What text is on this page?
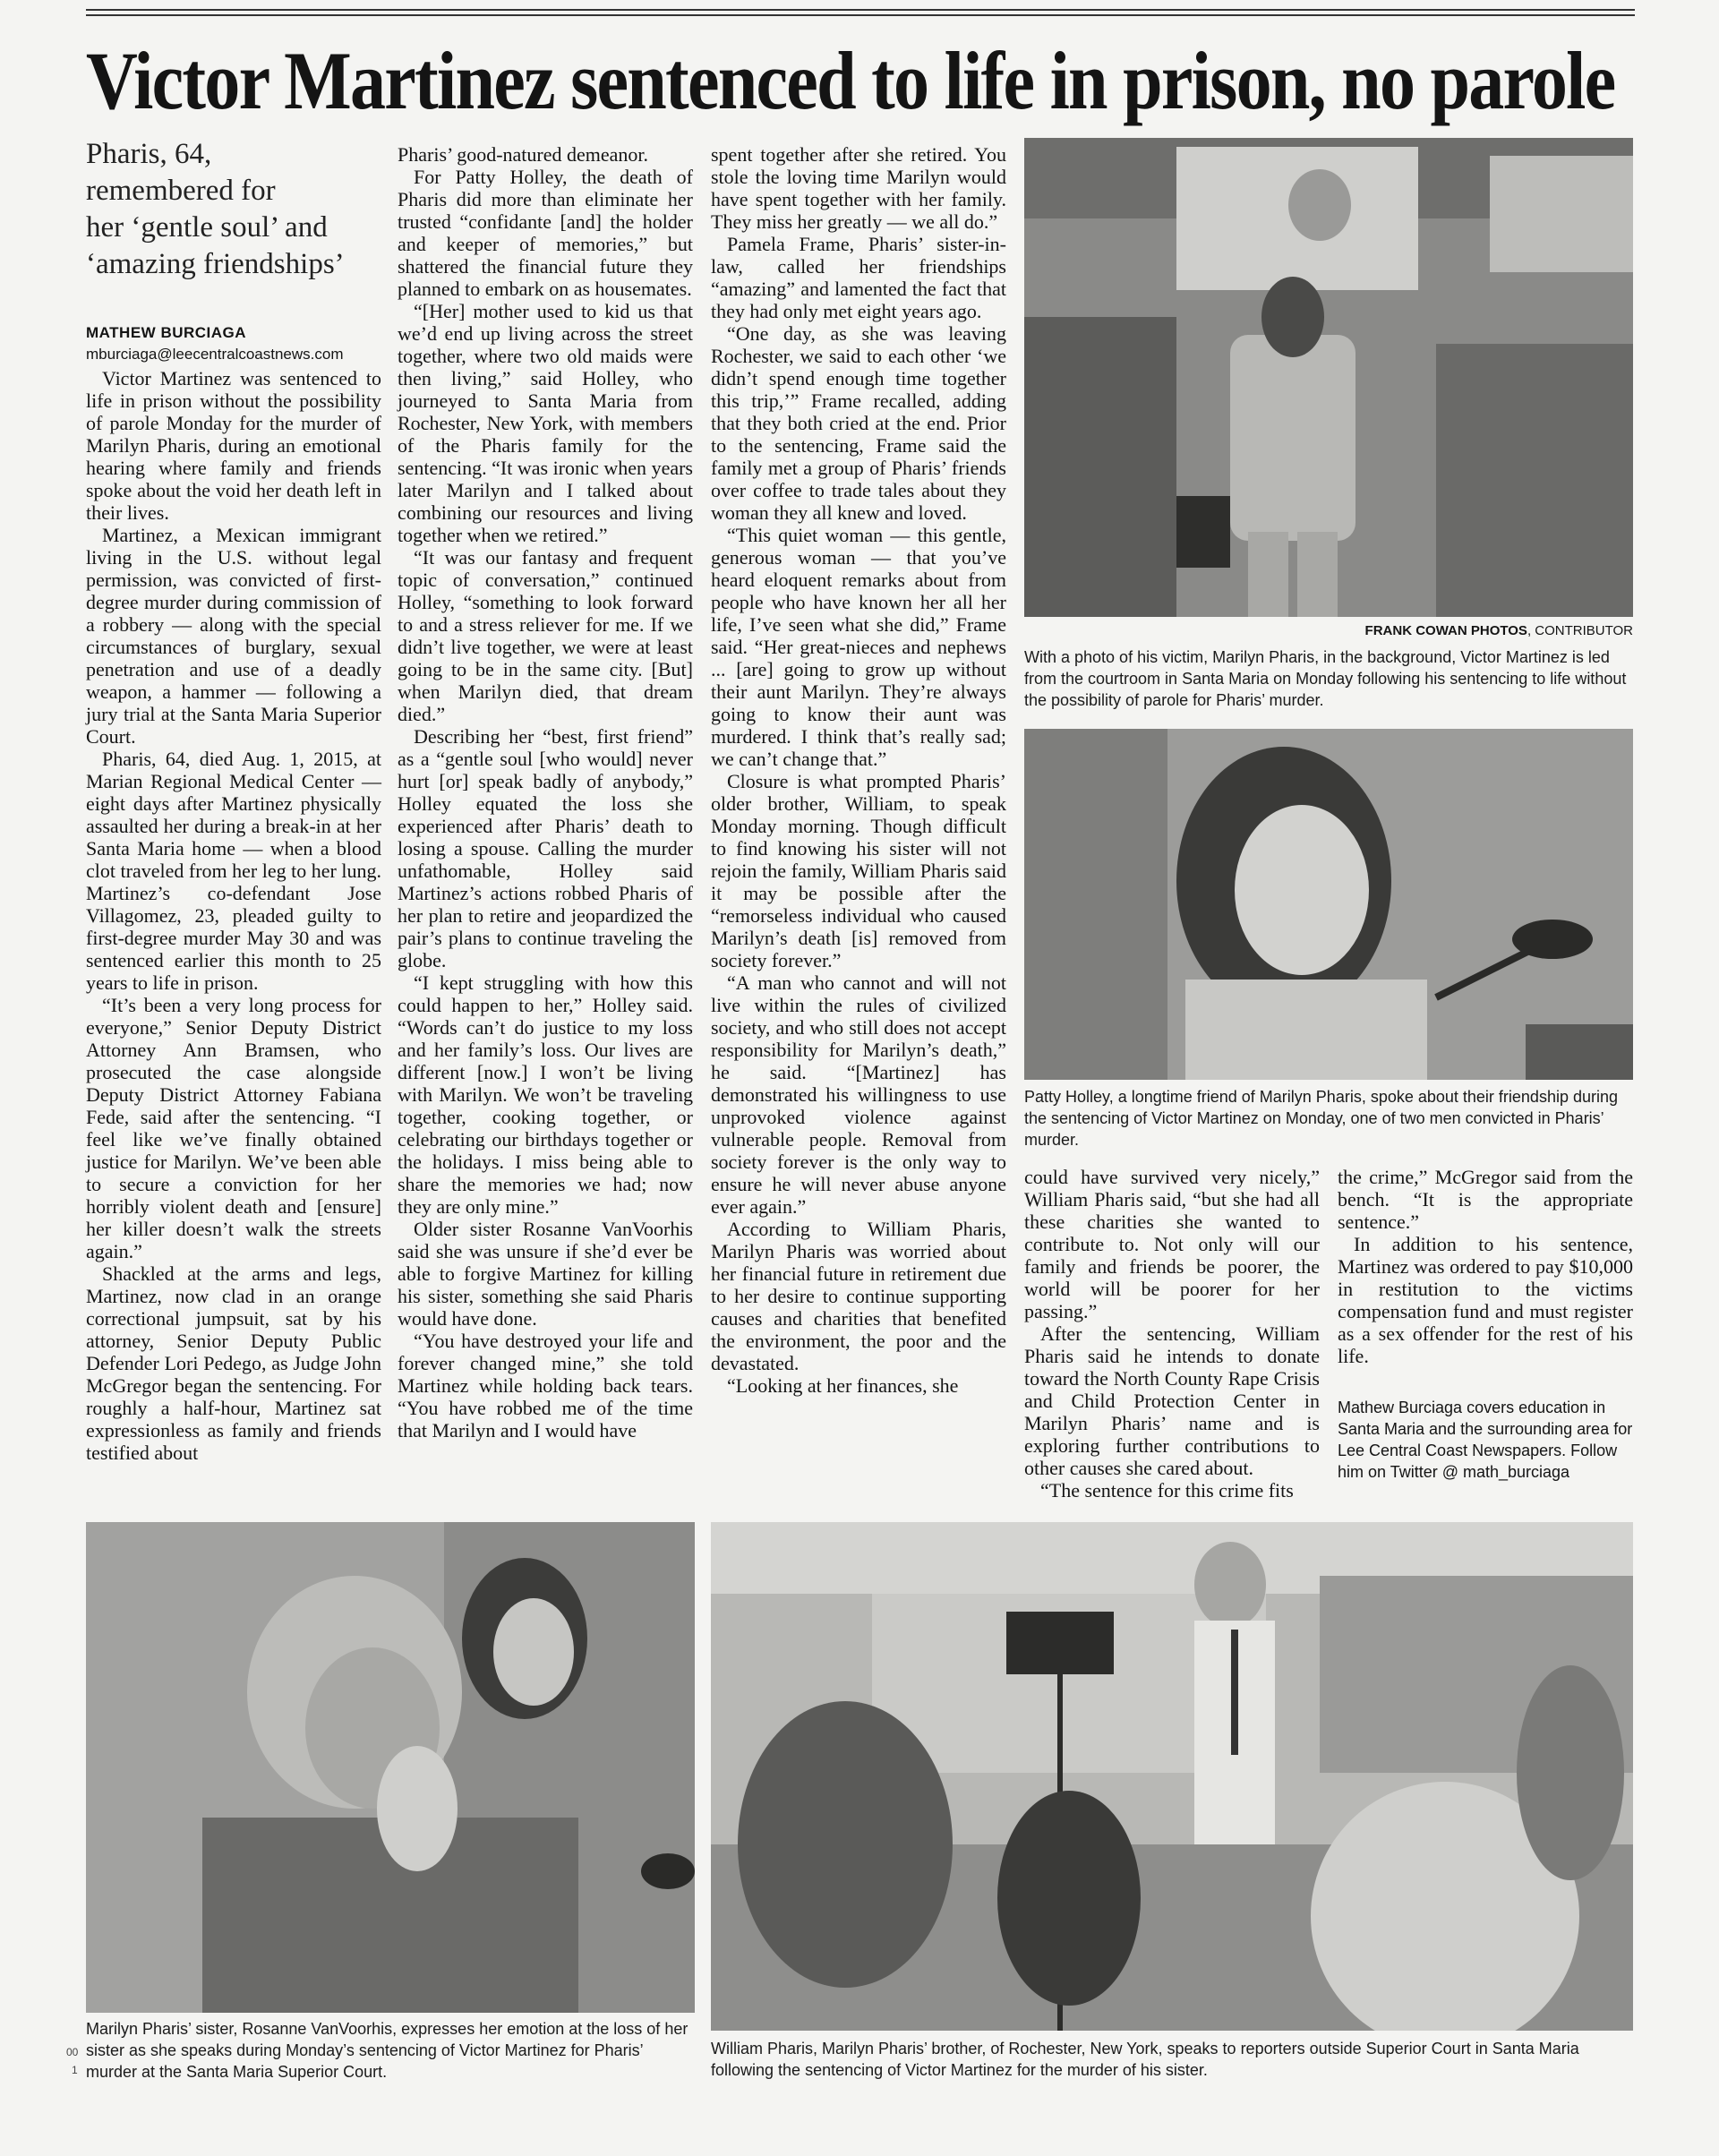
Victor Martinez sentenced to life in prison, no parole
Pharis, 64,
remembered for
her ‘gentle soul’ and
‘amazing friendships’
MATHEW BURCIAGA
mburciaga@leecentralcoastnews.com

Victor Martinez was sentenced to life in prison without the possibility of parole Monday for the murder of Marilyn Pharis, during an emotional hearing where family and friends spoke about the void her death left in their lives.

Martinez, a Mexican immigrant living in the U.S. without legal permission, was convicted of first-degree murder during commission of a robbery — along with the special circumstances of burglary, sexual penetration and use of a deadly weapon, a hammer — following a jury trial at the Santa Maria Superior Court.

Pharis, 64, died Aug. 1, 2015, at Marian Regional Medical Center — eight days after Martinez physically assaulted her during a break-in at her Santa Maria home — when a blood clot traveled from her leg to her lung. Martinez’s co-defendant Jose Villagomez, 23, pleaded guilty to first-degree murder May 30 and was sentenced earlier this month to 25 years to life in prison.

“It’s been a very long process for everyone,” Senior Deputy District Attorney Ann Bramsen, who prosecuted the case alongside Deputy District Attorney Fabiana Fede, said after the sentencing. “I feel like we’ve finally obtained justice for Marilyn. We’ve been able to secure a conviction for her horribly violent death and [ensure] her killer doesn’t walk the streets again.”

Shackled at the arms and legs, Martinez, now clad in an orange correctional jumpsuit, sat by his attorney, Senior Deputy Public Defender Lori Pedego, as Judge John McGregor began the sentencing. For roughly a half-hour, Martinez sat expressionless as family and friends testified about

Pharis’ good-natured demeanor.

For Patty Holley, the death of Pharis did more than eliminate her trusted “confidante [and] the holder and keeper of memories,” but shattered the financial future they planned to embark on as housemates.

“[Her] mother used to kid us that we’d end up living across the street together, where two old maids were then living,” said Holley, who journeyed to Santa Maria from Rochester, New York, with members of the Pharis family for the sentencing. “It was ironic when years later Marilyn and I talked about combining our resources and living together when we retired.”

“It was our fantasy and frequent topic of conversation,” continued Holley, “something to look forward to and a stress reliever for me. If we didn’t live together, we were at least going to be in the same city. [But] when Marilyn died, that dream died.”

Describing her “best, first friend” as a “gentle soul [who would] never hurt [or] speak badly of anybody,” Holley equated the loss she experienced after Pharis’ death to losing a spouse. Calling the murder unfathomable, Holley said Martinez’s actions robbed Pharis of her plan to retire and jeopardized the pair’s plans to continue traveling the globe.

“I kept struggling with how this could happen to her,” Holley said. “Words can’t do justice to my loss and her family’s loss. Our lives are different [now.] I won’t be living with Marilyn. We won’t be traveling together, cooking together, or celebrating our birthdays together or the holidays. I miss being able to share the memories we had; now they are only mine.”

Older sister Rosanne VanVoorhis said she was unsure if she’d ever be able to forgive Martinez for killing his sister, something she said Pharis would have done.

“You have destroyed your life and forever changed mine,” she told Martinez while holding back tears. “You have robbed me of the time that Marilyn and I would have

spent together after she retired. You stole the loving time Marilyn would have spent together with her family. They miss her greatly — we all do.”

Pamela Frame, Pharis’ sister-in-law, called her friendships “amazing” and lamented the fact that they had only met eight years ago.

“One day, as she was leaving Rochester, we said to each other ‘we didn’t spend enough time together this trip,’” Frame recalled, adding that they both cried at the end. Prior to the sentencing, Frame said the family met a group of Pharis’ friends over coffee to trade tales about they woman they all knew and loved.

“This quiet woman — this gentle, generous woman — that you’ve heard eloquent remarks about from people who have known her all her life, I’ve seen what she did,” Frame said. “Her great-nieces and nephews ... [are] going to grow up without their aunt Marilyn. They’re always going to know their aunt was murdered. I think that’s really sad; we can’t change that.”

Closure is what prompted Pharis’ older brother, William, to speak Monday morning. Though difficult to find knowing his sister will not rejoin the family, William Pharis said it may be possible after the “remorseless individual who caused Marilyn’s death [is] removed from society forever.”

“A man who cannot and will not live within the rules of civilized society, and who still does not accept responsibility for Marilyn’s death,” he said. “[Martinez] has demonstrated his willingness to use unprovoked violence against vulnerable people. Removal from society forever is the only way to ensure he will never abuse anyone ever again.”

According to William Pharis, Marilyn Pharis was worried about her financial future in retirement due to her desire to continue supporting causes and charities that benefited the environment, the poor and the devastated.

“Looking at her finances, she

FRANK COWAN PHOTOS, CONTRIBUTOR
With a photo of his victim, Marilyn Pharis, in the background, Victor Martinez is led from the courtroom in Santa Maria on Monday following his sentencing to life without the possibility of parole for Pharis’ murder.
Patty Holley, a longtime friend of Marilyn Pharis, spoke about their friendship during the sentencing of Victor Martinez on Monday, one of two men convicted in Pharis’ murder.

could have survived very nicely,” William Pharis said, “but she had all these charities she wanted to contribute to. Not only will our family and friends be poorer, the world will be poorer for her passing.”

After the sentencing, William Pharis said he intends to donate toward the North County Rape Crisis and Child Protection Center in Marilyn Pharis’ name and is exploring further contributions to other causes she cared about.

“The sentence for this crime fits

the crime,” McGregor said from the bench. “It is the appropriate sentence.”

In addition to his sentence, Martinez was ordered to pay $10,000 in restitution to the victims compensation fund and must register as a sex offender for the rest of his life.

Mathew Burciaga covers education in Santa Maria and the surrounding area for Lee Central Coast Newspapers. Follow him on Twitter @ math_burciaga
Marilyn Pharis’ sister, Rosanne VanVoorhis, expresses her emotion at the loss of her sister as she speaks during Monday’s sentencing of Victor Martinez for Pharis’ murder at the Santa Maria Superior Court.
William Pharis, Marilyn Pharis’ brother, of Rochester, New York, speaks to reporters outside Superior Court in Santa Maria following the sentencing of Victor Martinez for the murder of his sister.
00
1
